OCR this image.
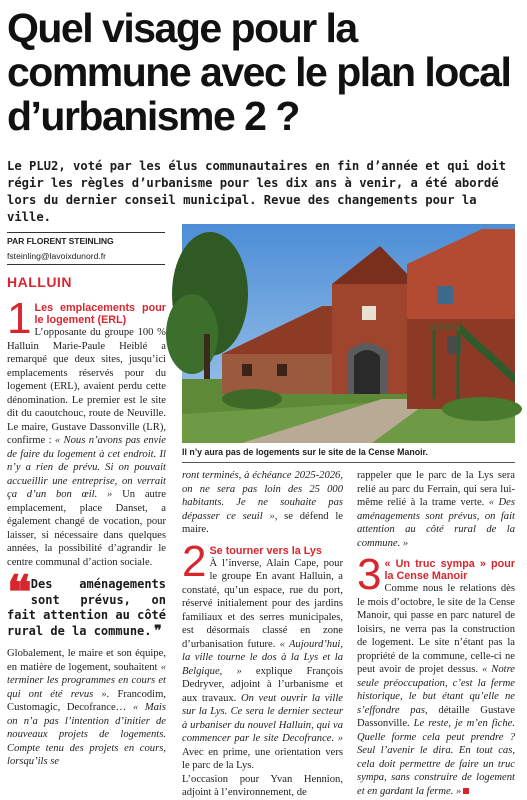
Quel visage pour la commune avec le plan local d’urbanisme 2 ?
Le PLU2, voté par les élus communautaires en fin d’année et qui doit régir les règles d’urbanisme pour les dix ans à venir, a été abordé lors du dernier conseil municipal. Revue des changements pour la ville.
PAR FLORENT STEINLING
fsteinling@lavoixdunord.fr
HALLUIN
1 Les emplacements pour le logement (ERL)

L’opposante du groupe 100 % Halluin Marie-Paule Heiblé a remarqué que deux sites, jusqu’ici emplacements réservés pour du logement (ERL), avaient perdu cette dénomination. Le premier est le site dit du caoutchouc, route de Neuville. Le maire, Gustave Dassonville (LR), confirme : « Nous n’avons pas envie de faire du logement à cet endroit. Il n’y a rien de prévu. Si on pouvait accueillir une entreprise, on verrait ça d’un bon œil. » Un autre emplacement, place Danset, a également changé de vocation, pour laisser, si nécessaire dans quelques années, la possibilité d’agrandir le centre communal d’action sociale.

❝ Des aménagements sont prévus, on fait attention au côté rural de la commune. ❞

Globalement, le maire et son équipe, en matière de logement, souhaitent « terminer les programmes en cours et qui ont été revus ». Francodim, Customagic, Decofrance… « Mais on n’a pas l’intention d’initier de nouveaux projets de logements. Compte tenu des projets en cours, lorsqu’ils se

Il n’y aura pas de logements sur le site de la Cense Manoir.

ront terminés, à échéance 2025-2026, on ne sera pas loin des 25 000 habitants. Je ne souhaite pas dépasser ce seuil », se défend le maire.

2 Se tourner vers la Lys

À l’inverse, Alain Cape, pour le groupe En avant Halluin, a constaté, qu’un espace, rue du port, réservé initialement pour des jardins familiaux et des serres municipales, est désormais classé en zone d’urbanisation future. « Aujourd’hui, la ville tourne le dos à la Lys et la Belgique, » explique François Dedryver, adjoint à l’urbanisme et aux travaux. On veut ouvrir la ville sur la Lys. Ce sera le dernier secteur à urbaniser du nouvel Halluin, qui va commencer par le site Decofrance. » Avec en prime, une orientation vers le parc de la Lys.

L’occasion pour Yvan Hennion, adjoint à l’environnement, de

rappeler que le parc de la Lys sera relié au parc du Ferrain, qui sera lui-même relié à la trame verte. « Des aménagements sont prévus, on fait attention au côté rural de la commune. »

3 « Un truc sympa » pour la Cense Manoir

Comme nous le relations dès le mois d’octobre, le site de la Cense Manoir, qui passe en parc naturel de loisirs, ne verra pas la construction de logement. Le site n’étant pas la propriété de la commune, celle-ci ne peut avoir de projet dessus. « Notre seule préoccupation, c’est la ferme historique, le but étant qu’elle ne s’effondre pas, détaille Gustave Dassonville. Le reste, je m’en fiche. Quelle forme cela peut prendre ? Seul l’avenir le dira. En tout cas, cela doit permettre de faire un truc sympa, sans construire de logement et en gardant la ferme. »
